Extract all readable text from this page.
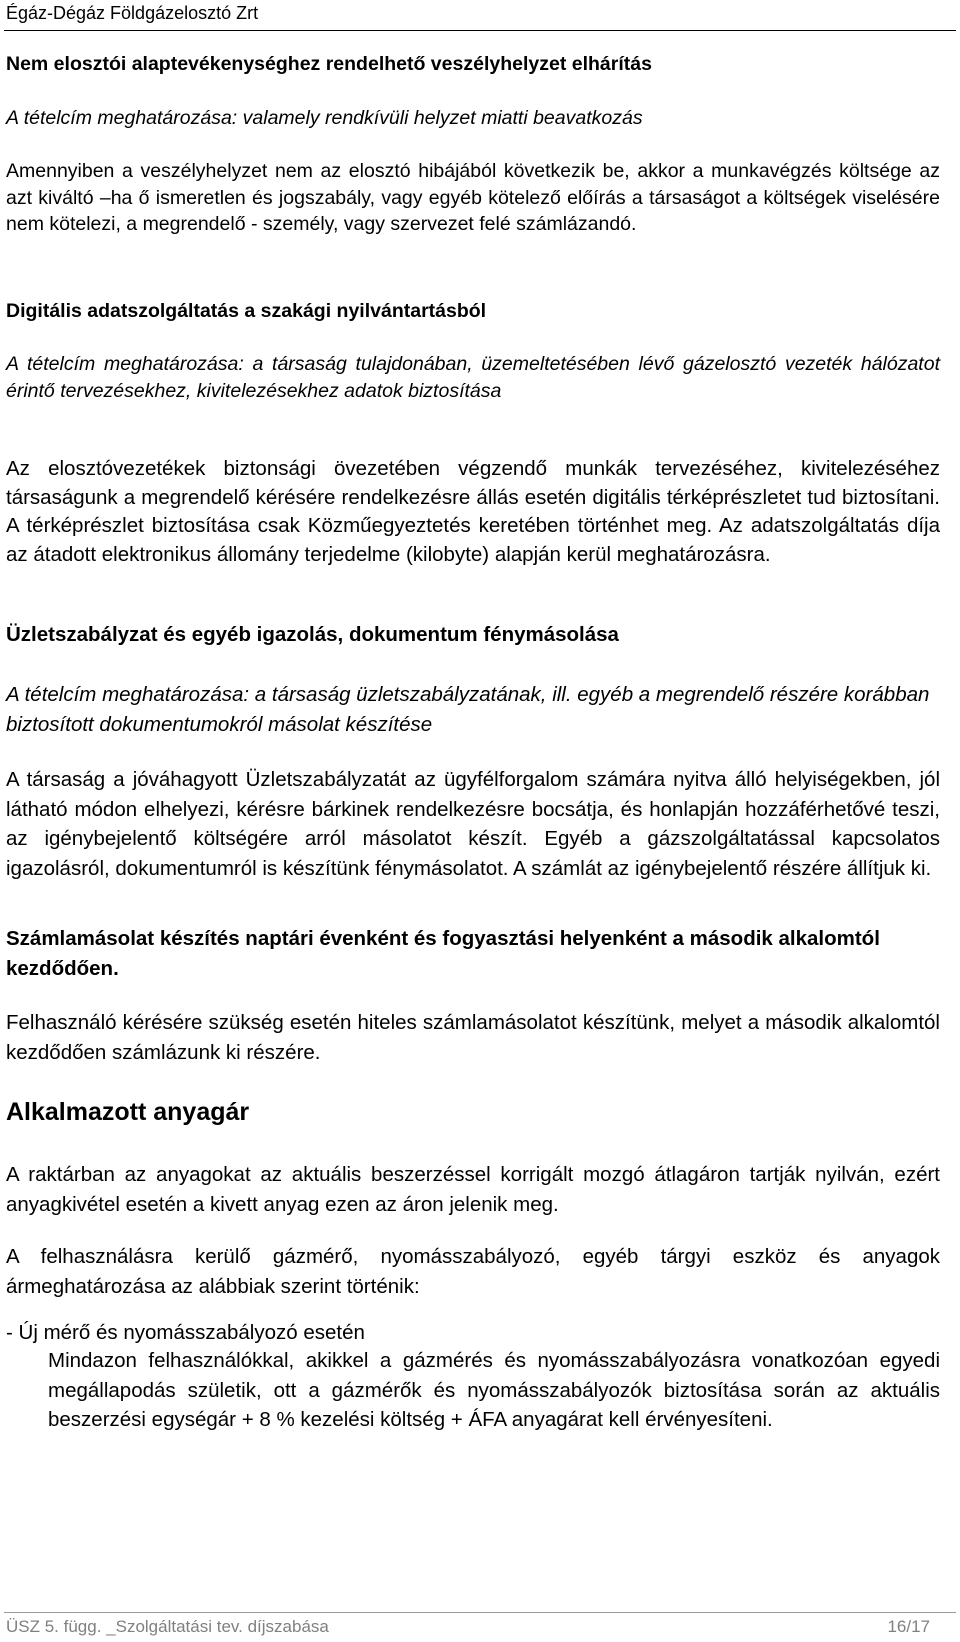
Égáz-Dégáz Földgázelosztó Zrt
Nem elosztói alaptevékenységhez rendelhető veszélyhelyzet elhárítás
A tételcím meghatározása: valamely rendkívüli helyzet miatti beavatkozás
Amennyiben a veszélyhelyzet nem az elosztó hibájából következik be, akkor a munkavégzés költsége az azt kiváltó –ha ő ismeretlen és jogszabály, vagy egyéb kötelező előírás a társaságot a költségek viselésére nem kötelezi, a megrendelő - személy, vagy szervezet felé számlázandó.
Digitális adatszolgáltatás a szakági nyilvántartásból
A tételcím meghatározása: a társaság tulajdonában, üzemeltetésében lévő gázelosztó vezeték hálózatot érintő tervezésekhez, kivitelezésekhez adatok biztosítása
Az elosztóvezetékek biztonsági övezetében végzendő munkák tervezéséhez, kivitelezéséhez társaságunk a megrendelő kérésére rendelkezésre állás esetén digitális térképrészletet tud biztosítani. A térképrészlet biztosítása csak Közműegyeztetés keretében történhet meg. Az adatszolgáltatás díja az átadott elektronikus állomány terjedelme (kilobyte) alapján kerül meghatározásra.
Üzletszabályzat és egyéb igazolás, dokumentum fénymásolása
A tételcím meghatározása: a társaság üzletszabályzatának, ill. egyéb a megrendelő részére korábban biztosított dokumentumokról másolat készítése
A társaság a jóváhagyott Üzletszabályzatát az ügyfélforgalom számára nyitva álló helyiségekben, jól látható módon elhelyezi, kérésre bárkinek rendelkezésre bocsátja, és honlapján hozzáférhetővé teszi, az igénybejelentő költségére arról másolatot készít. Egyéb a gázszolgáltatással kapcsolatos igazolásról, dokumentumról is készítünk fénymásolatot. A számlát az igénybejelentő részére állítjuk ki.
Számlamásolat készítés naptári évenként és fogyasztási helyenként a második alkalomtól kezdődően.
Felhasználó kérésére szükség esetén hiteles számlamásolatot készítünk, melyet a második alkalomtól kezdődően számlázunk ki részére.
Alkalmazott anyagár
A raktárban az anyagokat az aktuális beszerzéssel korrigált mozgó átlagáron tartják nyilván, ezért anyagkivétel esetén a kivett anyag ezen az áron jelenik meg.
A felhasználásra kerülő gázmérő, nyomásszabályozó, egyéb tárgyi eszköz és anyagok ármeghatározása az alábbiak szerint történik:
- Új mérő és nyomásszabályozó esetén
Mindazon felhasználókkal, akikkel a gázmérés és nyomásszabályozásra vonatkozóan egyedi megállapodás születik, ott a gázmérők és nyomásszabályozók biztosítása során az aktuális beszerzési egységár + 8 % kezelési költség + ÁFA anyagárat kell érvényesíteni.
ÜSZ 5. függ. _Szolgáltatási tev. díjszabása	16/17
